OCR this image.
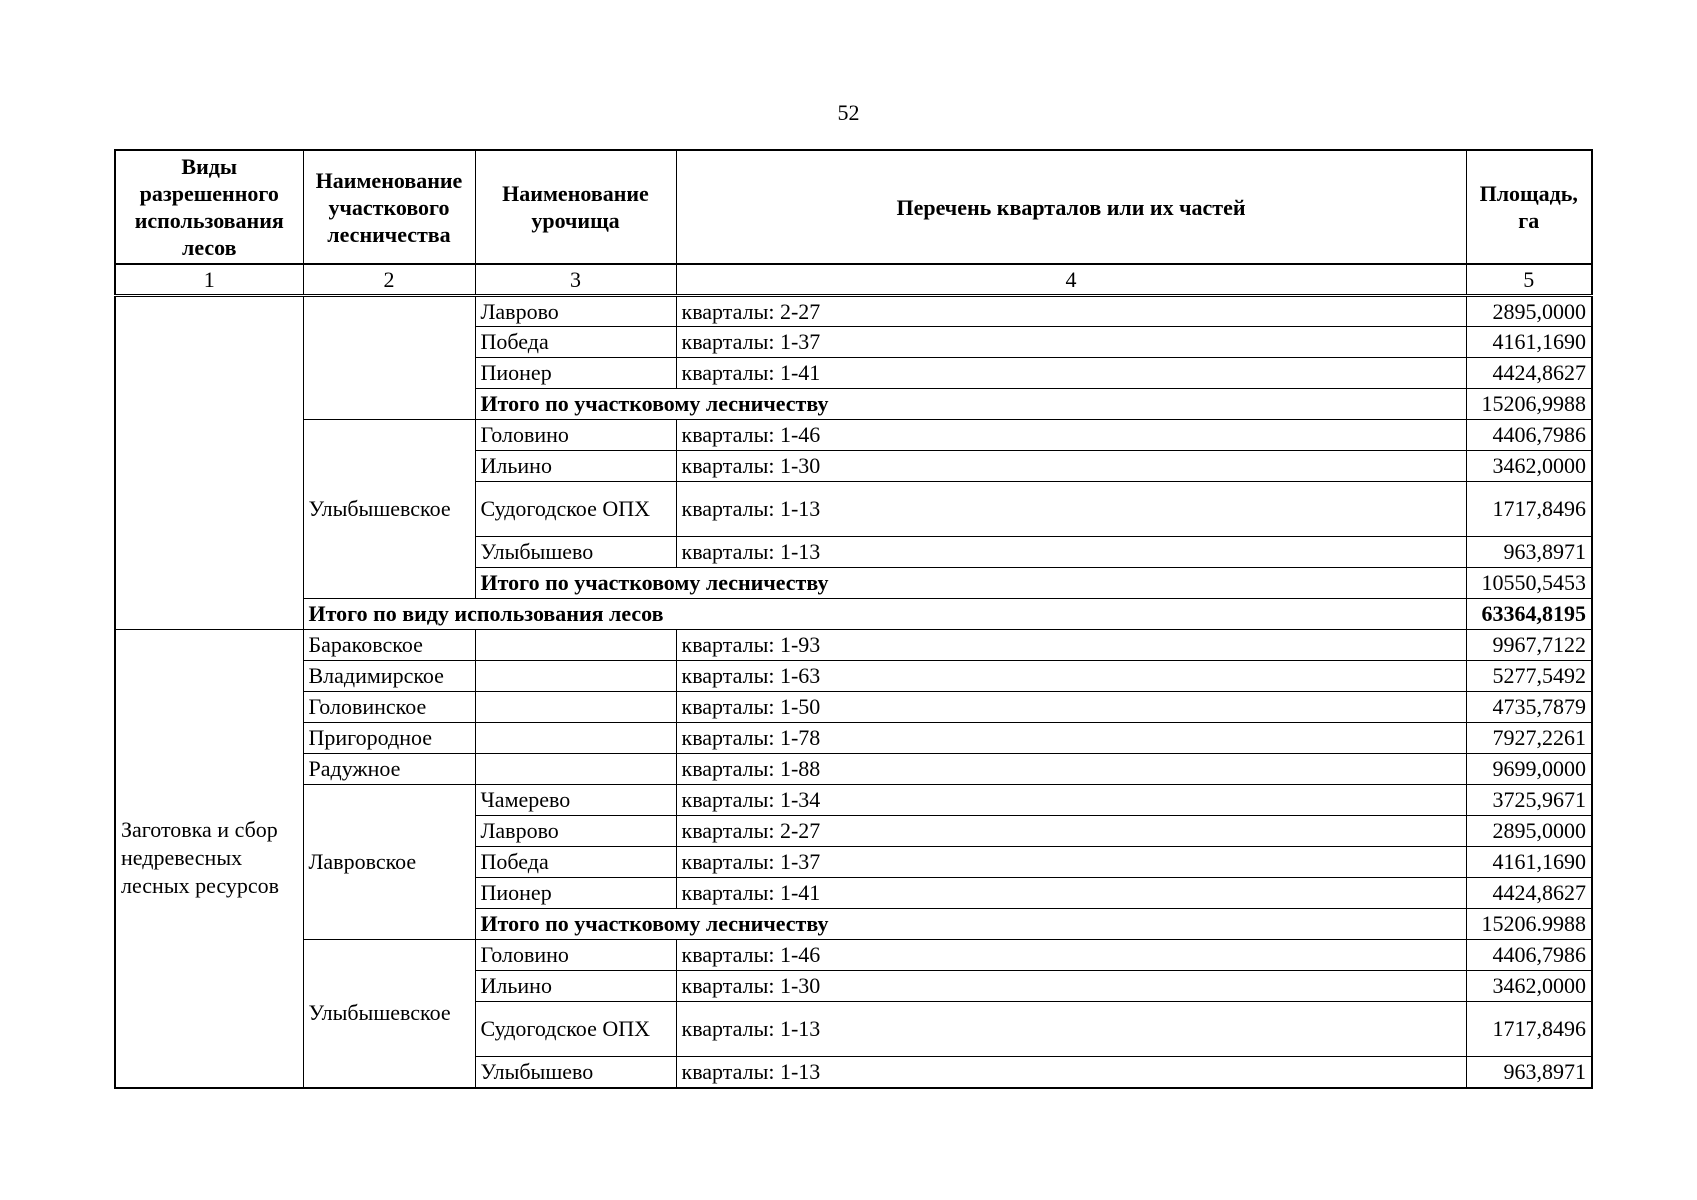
52
Виды разрешенного использования лесов	Наименование участкового лесничества	Наименование урочища	Перечень кварталов или их частей	Площадь, га
1	2	3	4	5
		Лаврово	кварталы: 2-27	2895,0000
		Победа	кварталы: 1-37	4161,1690
		Пионер	кварталы: 1-41	4424,8627
		Итого по участковому лесничеству		15206,9988
	Улыбышевское	Головино	кварталы: 1-46	4406,7986
		Ильино	кварталы: 1-30	3462,0000
		Судогодское ОПХ	кварталы: 1-13	1717,8496
		Улыбышево	кварталы: 1-13	963,8971
		Итого по участковому лесничеству		10550,5453
	Итого по виду использования лесов			63364,8195
Заготовка и сбор недревесных лесных ресурсов	Бараковское		кварталы: 1-93	9967,7122
	Владимирское		кварталы: 1-63	5277,5492
	Головинское		кварталы: 1-50	4735,7879
	Пригородное		кварталы: 1-78	7927,2261
	Радужное		кварталы: 1-88	9699,0000
	Лавровское	Чамерево	кварталы: 1-34	3725,9671
		Лаврово	кварталы: 2-27	2895,0000
		Победа	кварталы: 1-37	4161,1690
		Пионер	кварталы: 1-41	4424,8627
		Итого по участковому лесничеству		15206.9988
	Улыбышевское	Головино	кварталы: 1-46	4406,7986
		Ильино	кварталы: 1-30	3462,0000
		Судогодское ОПХ	кварталы: 1-13	1717,8496
		Улыбышево	кварталы: 1-13	963,8971
